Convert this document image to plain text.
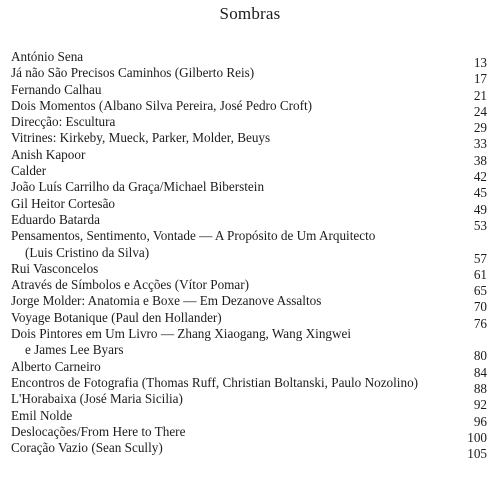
Sombras
António Sena	13
Já não São Precisos Caminhos (Gilberto Reis)	17
Fernando Calhau	21
Dois Momentos (Albano Silva Pereira, José Pedro Croft)	24
Direcção: Escultura	29
Vitrines: Kirkeby, Mueck, Parker, Molder, Beuys	33
Anish Kapoor	38
Calder	42
João Luís Carrilho da Graça/Michael Biberstein	45
Gil Heitor Cortesão	49
Eduardo Batarda	53
Pensamentos, Sentimento, Vontade — A Propósito de Um Arquitecto
(Luis Cristino da Silva)	57
Rui Vasconcelos	61
Através de Símbolos e Acções (Vítor Pomar)	65
Jorge Molder: Anatomia e Boxe — Em Dezanove Assaltos	70
Voyage Botanique (Paul den Hollander)	76
Dois Pintores em Um Livro — Zhang Xiaogang, Wang Xingwei
e James Lee Byars	80
Alberto Carneiro	84
Encontros de Fotografia (Thomas Ruff, Christian Boltanski, Paulo Nozolino)	88
L'Horabaixa (José Maria Sicilia)	92
Emil Nolde	96
Deslocações/From Here to There	100
Coração Vazio (Sean Scully)	105
